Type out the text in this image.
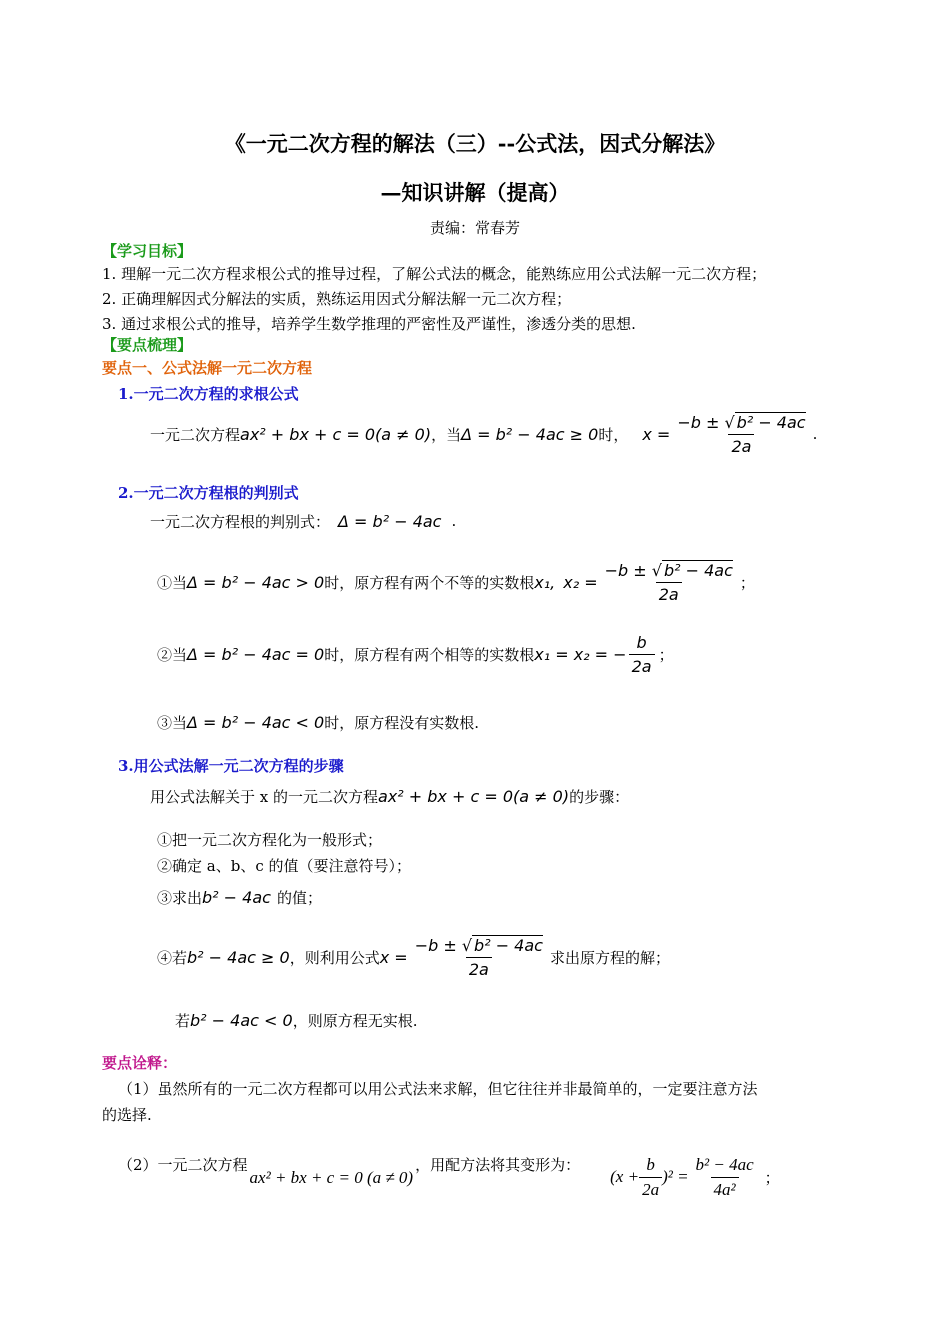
《一元二次方程的解法（三）--公式法，因式分解法》
—知识讲解（提高）
责编：常春芳
【学习目标】
1. 理解一元二次方程求根公式的推导过程，了解公式法的概念，能熟练应用公式法解一元二次方程；
2. 正确理解因式分解法的实质，熟练运用因式分解法解一元二次方程；
3. 通过求根公式的推导，培养学生数学推理的严密性及严谨性，渗透分类的思想.
【要点梳理】
要点一、公式法解一元二次方程
1.一元二次方程的求根公式
一元二次方程 ax² + bx + c = 0(a ≠ 0) ，当 Δ = b² − 4ac ≥ 0 时， $x = \frac{\text{−b ± √ b² − 4ac}}{2a}$ .
2.一元二次方程根的判别式
一元二次方程根的判别式： Δ = b² − 4ac .
①当 Δ = b² − 4ac > 0 时，原方程有两个不等的实数根 x₁, $x_2 = \frac{\text{−b ± √ b² − 4ac}}{2a}$ ；
②当 Δ = b² − 4ac = 0 时，原方程有两个相等的实数根 x₁ = x₂ = − $\frac{b}{2a}$ ；
③当 Δ = b² − 4ac < 0 时，原方程没有实数根.
3.用公式法解一元二次方程的步骤
用公式法解关于 x 的一元二次方程 ax² + bx + c = 0(a ≠ 0) 的步骤：
①把一元二次方程化为一般形式；
②确定 a、b、c 的值（要注意符号）；
③求出 b² − 4ac 的值；
④若 b² − 4ac ≥ 0 ，则利用公式 $x = \frac{\text{−b ± √ b² − 4ac}}{2a}$ 求出原方程的解；
若 b² − 4ac < 0 ，则原方程无实根.
要点诠释：
（1）虽然所有的一元二次方程都可以用公式法来求解，但它往往并非最简单的，一定要注意方法
的选择.
（2）一元二次方程
ax² + bx + c = 0 (a ≠ 0)
，用配方法将其变形为：
$(x + \frac{b}{2a} )^2 = \frac{\text{b² − 4ac}}{\text{4a²}}$ ；
